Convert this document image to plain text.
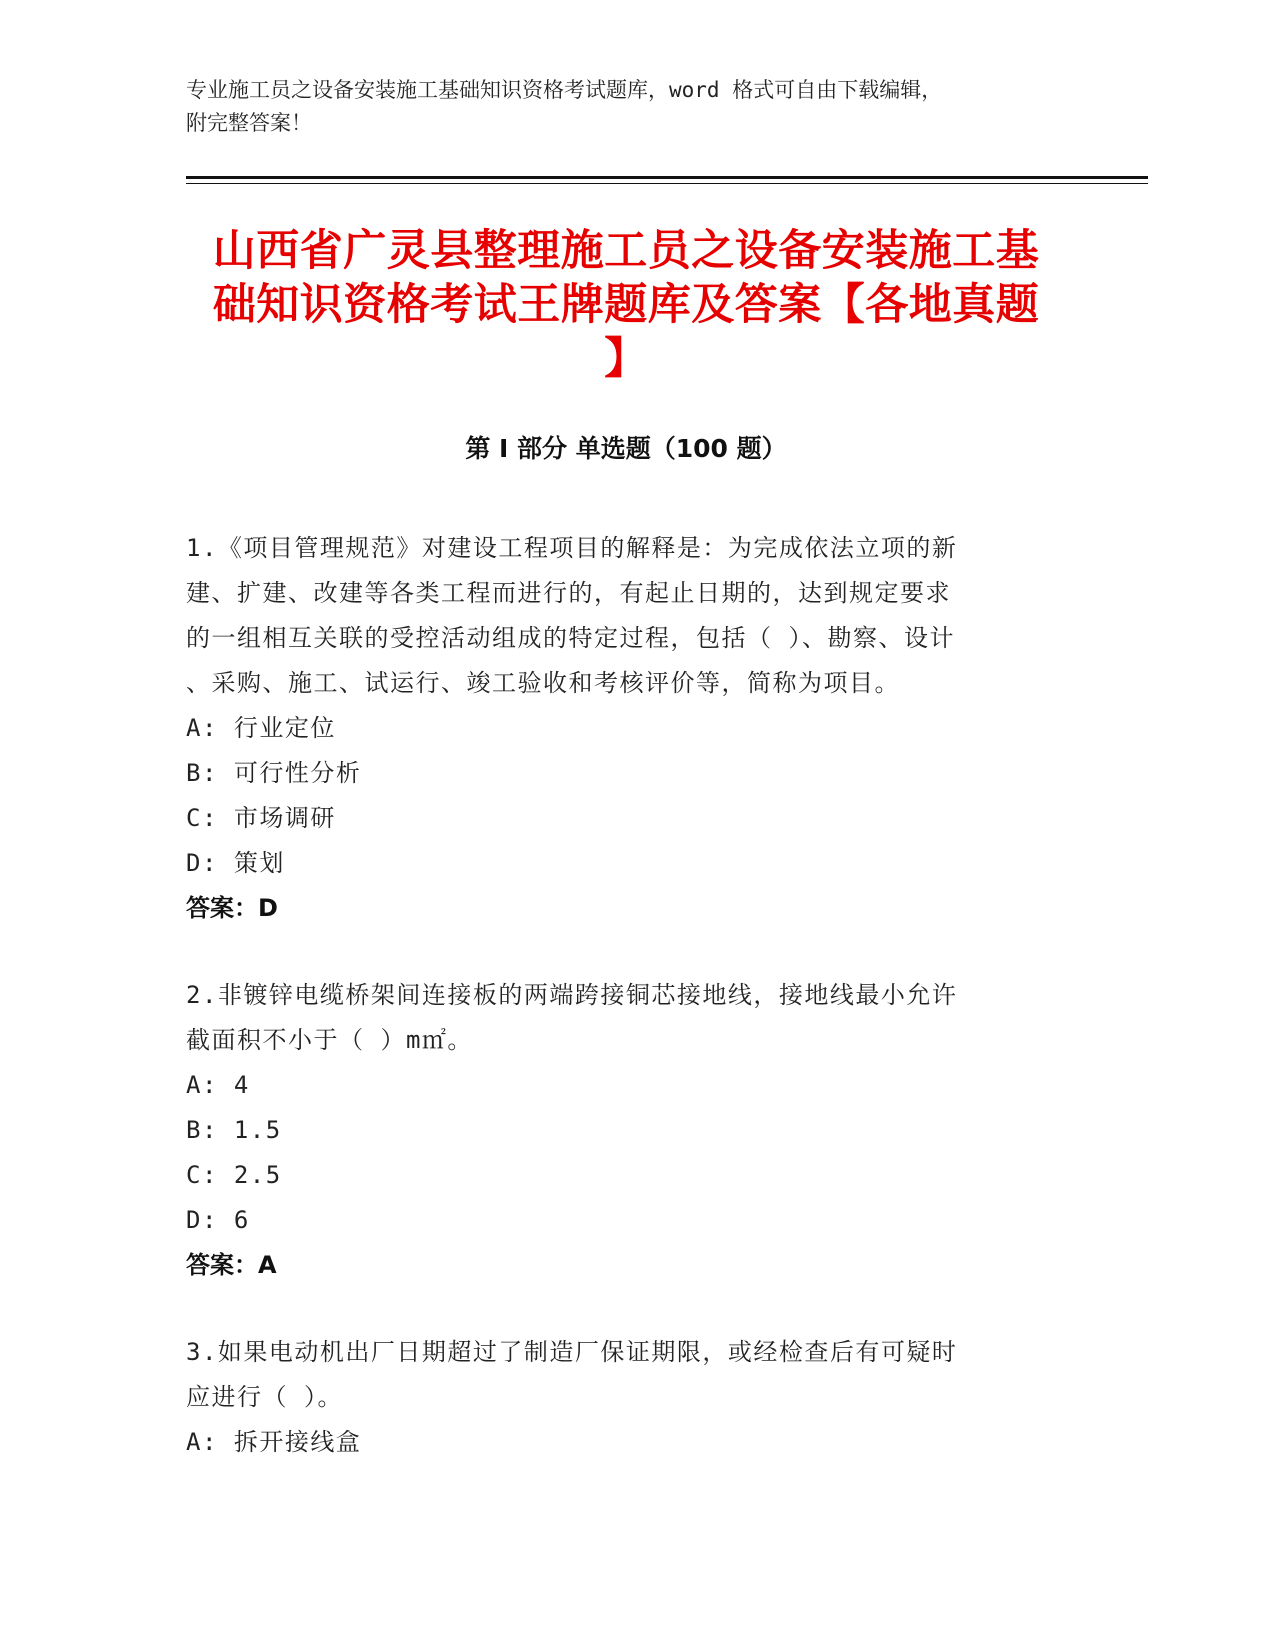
专业施工员之设备安装施工基础知识资格考试题库，word 格式可自由下载编辑，
附完整答案！
山西省广灵县整理施工员之设备安装施工基
础知识资格考试王牌题库及答案【各地真题
】
第 I 部分 单选题（100 题）
1.《项目管理规范》对建设工程项目的解释是：为完成依法立项的新
建、扩建、改建等各类工程而进行的，有起止日期的，达到规定要求
的一组相互关联的受控活动组成的特定过程，包括（ ）、勘察、设计
、采购、施工、试运行、竣工验收和考核评价等，简称为项目。
A: 行业定位
B: 可行性分析
C: 市场调研
D: 策划
答案：D
2.非镀锌电缆桥架间连接板的两端跨接铜芯接地线，接地线最小允许
截面积不小于（ ）m㎡。
A: 4
B: 1.5
C: 2.5
D: 6
答案：A
3.如果电动机出厂日期超过了制造厂保证期限，或经检查后有可疑时
应进行（ ）。
A: 拆开接线盒
